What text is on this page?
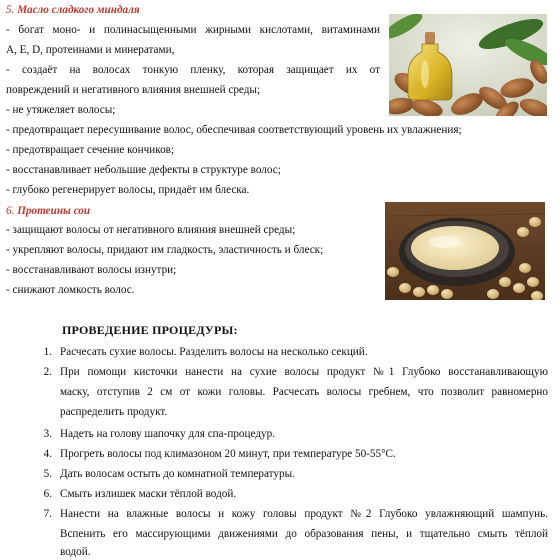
5. Масло сладкого миндаля
- богат моно- и полинасыщенными жирными кислотами, витаминами
A, E, D, протеинами и минератами,
- создаёт на волосах тонкую пленку, которая защищает их от
повреждений и негативного влияния внешней среды;
- не утяжеляет волосы;
- предотвращает пересушивание волос, обеспечивая соответствующий уровень их увлажнения;
- предотвращает сечение кончиков;
- восстанавливает небольшие дефекты в структуре волос;
- глубоко регенерирует волосы, придаёт им блеска.
6. Протеины сои
- защищают волосы от негативного влияния внешней среды;
- укрепляют волосы, придают им гладкость, эластичность и блеск;
- восстанавливают волосы изнутри;
- снижают ломкость волос.
ПРОВЕДЕНИЕ ПРОЦЕДУРЫ:
1. Расчесать сухие волосы. Разделить волосы на несколько секций.
2. При помощи кисточки нанести на сухие волосы продукт №1 Глубоко восстанавливающую
маску, отступив 2 см от кожи головы. Расчесать волосы гребнем, что позволит равномерно
распределить продукт.
3. Надеть на голову шапочку для спа-процедур.
4. Прогреть волосы под климазоном 20 минут, при температуре 50-55°С.
5. Дать волосам остыть до комнатной температуры.
6. Смыть излишек маски тёплой водой.
7. Нанести на влажные волосы и кожу головы продукт №2 Глубоко увлажняющий шампунь.
Вспенить его массирующими движениями до образования пены, и тщательно смыть тёплой
водой.
